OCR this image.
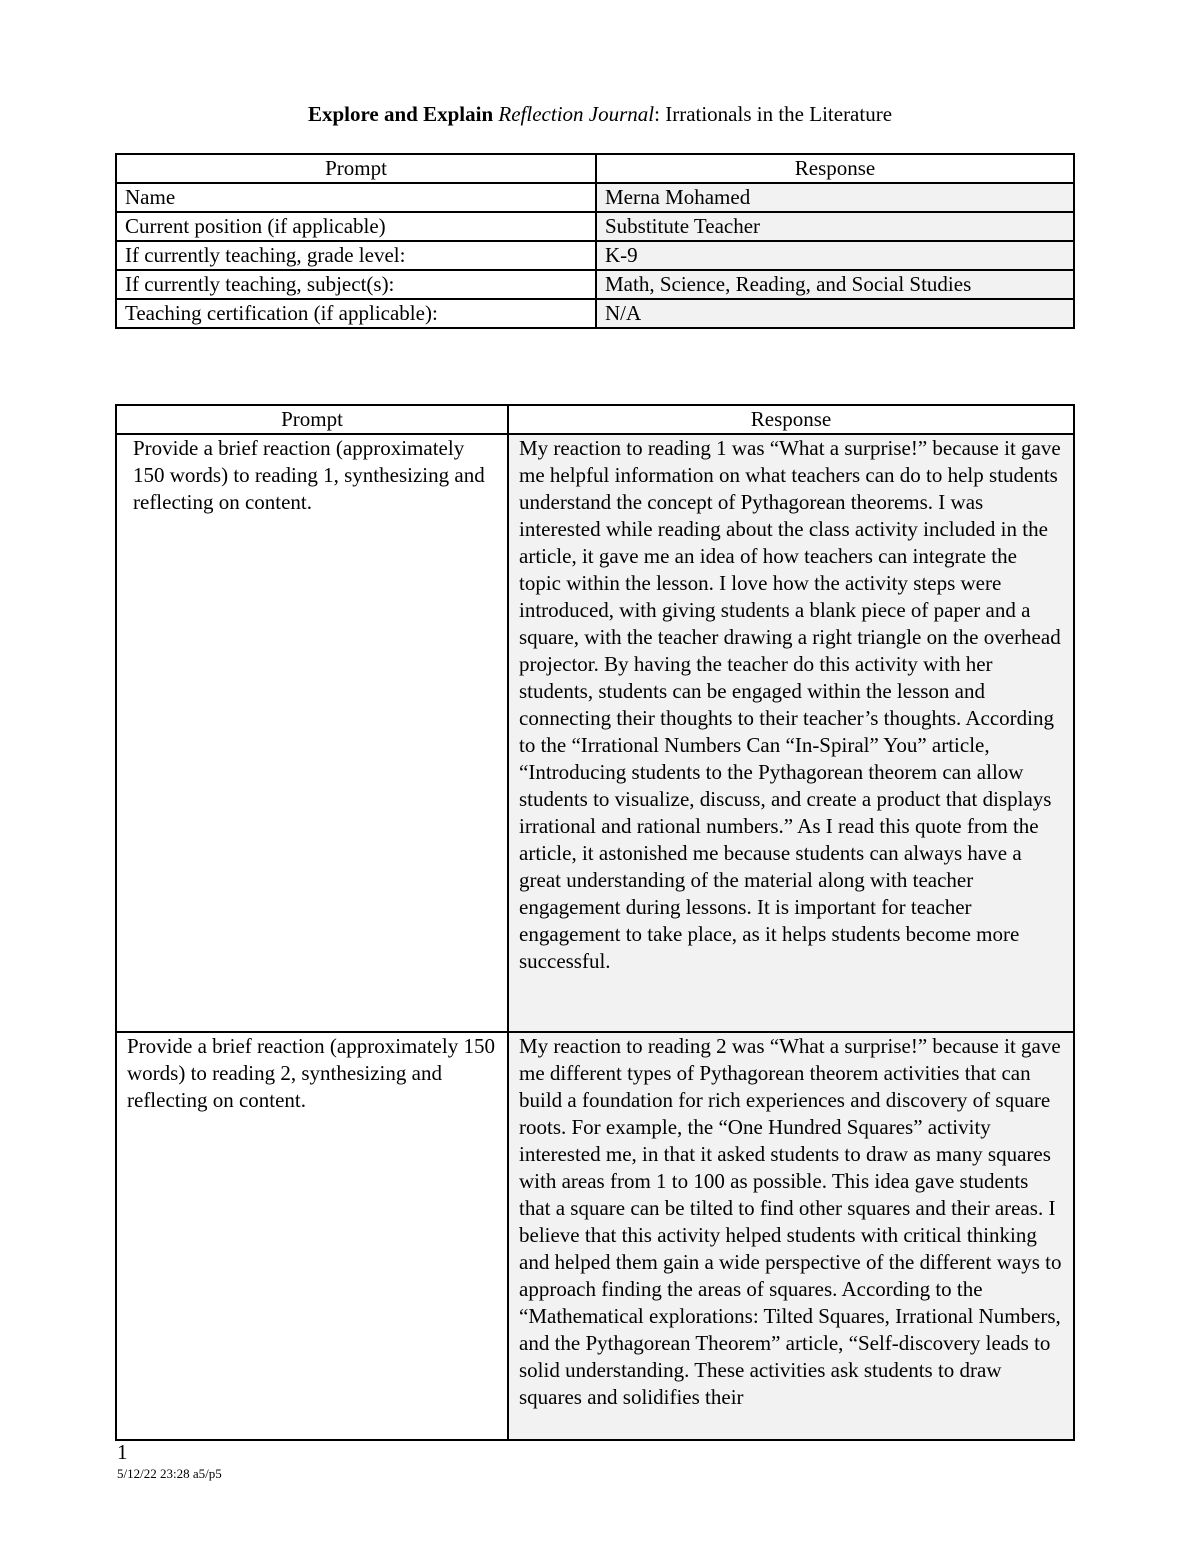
Explore and Explain Reflection Journal: Irrationals in the Literature
Prompt	Response
Name	Merna Mohamed
Current position (if applicable)	Substitute Teacher
If currently teaching, grade level:	K-9
If currently teaching, subject(s):	Math, Science, Reading, and Social Studies
Teaching certification (if applicable):	N/A
Prompt	Response

Provide a brief reaction (approximately 150 words) to reading 1, synthesizing and reflecting on content.	My reaction to reading 1 was “What a surprise!” because it gave me helpful information on what teachers can do to help students understand the concept of Pythagorean theorems. I was interested while reading about the class activity included in the article, it gave me an idea of how teachers can integrate the topic within the lesson. I love how the activity steps were introduced, with giving students a blank piece of paper and a square, with the teacher drawing a right triangle on the overhead projector. By having the teacher do this activity with her students, students can be engaged within the lesson and connecting their thoughts to their teacher’s thoughts. According to the “Irrational Numbers Can “In-Spiral” You” article, “Introducing students to the Pythagorean theorem can allow students to visualize, discuss, and create a product that displays irrational and rational numbers.” As I read this quote from the article, it astonished me because students can always have a great understanding of the material along with teacher engagement during lessons. It is important for teacher engagement to take place, as it helps students become more successful.
Provide a brief reaction (approximately 150 words) to reading 2, synthesizing and reflecting on content.	My reaction to reading 2 was “What a surprise!” because it gave me different types of Pythagorean theorem activities that can build a foundation for rich experiences and discovery of square roots. For example, the “One Hundred Squares” activity interested me, in that it asked students to draw as many squares with areas from 1 to 100 as possible. This idea gave students that a square can be tilted to find other squares and their areas. I believe that this activity helped students with critical thinking and helped them gain a wide perspective of the different ways to approach finding the areas of squares. According to the “Mathematical explorations: Tilted Squares, Irrational Numbers, and the Pythagorean Theorem” article, “Self-discovery leads to solid understanding. These activities ask students to draw squares and solidifies their
1
5/12/22 23:28 a5/p5
